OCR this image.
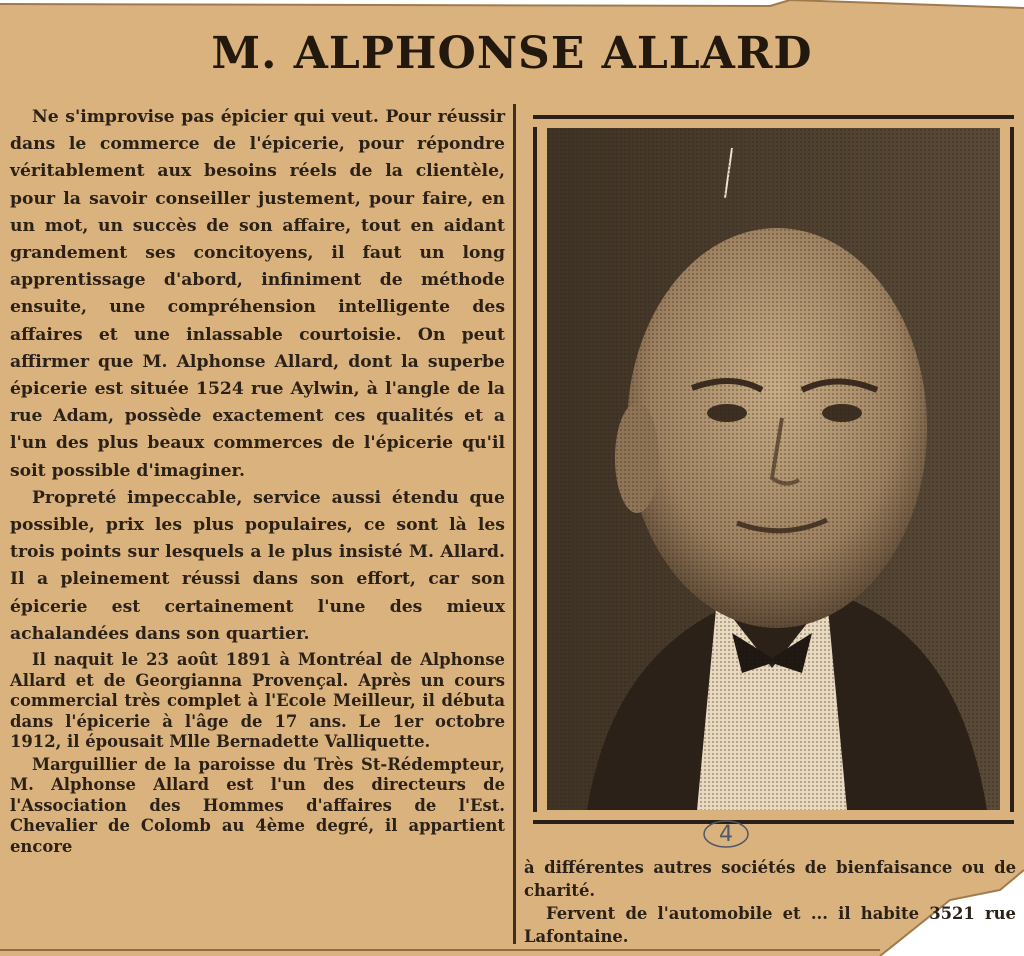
M. ALPHONSE ALLARD

Ne s'improvise pas épicier qui veut. Pour réussir dans le commerce de l'épicerie, pour répondre véritablement aux besoins réels de la clientèle, pour la savoir conseiller justement, pour faire, en un mot, un succès de son affaire, tout en aidant grandement ses concitoyens, il faut un long apprentissage d'abord, infiniment de méthode ensuite, une compréhension intelligente des affaires et une inlassable courtoisie. On peut affirmer que M. Alphonse Allard, dont la superbe épicerie est située 1524 rue Aylwin, à l'angle de la rue Adam, possède exactement ces qualités et a l'un des plus beaux commerces de l'épicerie qu'il soit possible d'imaginer.

Propreté impeccable, service aussi étendu que possible, prix les plus populaires, ce sont là les trois points sur lesquels a le plus insisté M. Allard. Il a pleinement réussi dans son effort, car son épicerie est certainement l'une des mieux achalandées dans son quartier.

Il naquit le 23 août 1891 à Montréal de Alphonse Allard et de Georgianna Provençal. Après un cours commercial très complet à l'Ecole Meilleur, il débuta dans l'épicerie à l'âge de 17 ans. Le 1er octobre 1912, il épousait Mlle Bernadette Valliquette.

Marguillier de la paroisse du Très St-Rédempteur, M. Alphonse Allard est l'un des directeurs de l'Association des Hommes d'affaires de l'Est. Chevalier de Colomb au 4ème degré, il appartient encore	4

à différentes autres sociétés de bienfaisance ou de charité.

Fervent de l'automobile et ... il habite 3521 rue Lafontaine.
